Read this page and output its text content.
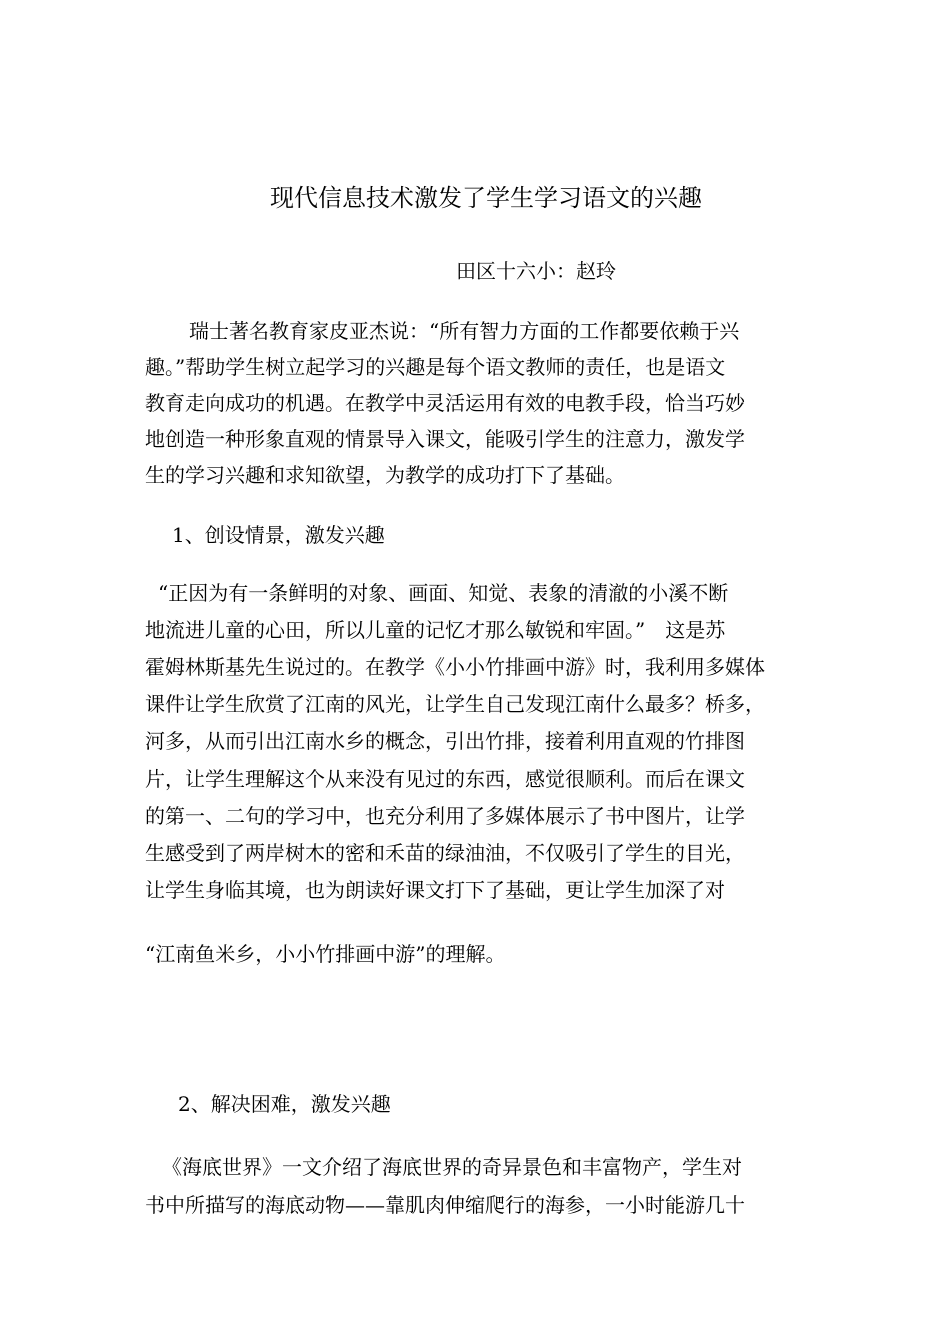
现代信息技术激发了学生学习语文的兴趣
田区十六小：赵玲
瑞士著名教育家皮亚杰说：“所有智力方面的工作都要依赖于兴
趣。”帮助学生树立起学习的兴趣是每个语文教师的责任，也是语文
教育走向成功的机遇。在教学中灵活运用有效的电教手段，恰当巧妙
地创造一种形象直观的情景导入课文，能吸引学生的注意力，激发学
生的学习兴趣和求知欲望，为教学的成功打下了基础。
1、创设情景，激发兴趣
“正因为有一条鲜明的对象、画面、知觉、表象的清澈的小溪不断
地流进儿童的心田，所以儿童的记忆才那么敏锐和牢固。”　这是苏
霍姆林斯基先生说过的。在教学《小小竹排画中游》时，我利用多媒体
课件让学生欣赏了江南的风光，让学生自己发现江南什么最多？桥多，
河多，从而引出江南水乡的概念，引出竹排，接着利用直观的竹排图
片，让学生理解这个从来没有见过的东西，感觉很顺利。而后在课文
的第一、二句的学习中，也充分利用了多媒体展示了书中图片，让学
生感受到了两岸树木的密和禾苗的绿油油，不仅吸引了学生的目光，
让学生身临其境，也为朗读好课文打下了基础，更让学生加深了对
“江南鱼米乡，小小竹排画中游”的理解。
2、解决困难，激发兴趣
《海底世界》一文介绍了海底世界的奇异景色和丰富物产，学生对
书中所描写的海底动物——靠肌肉伸缩爬行的海参，一小时能游几十
